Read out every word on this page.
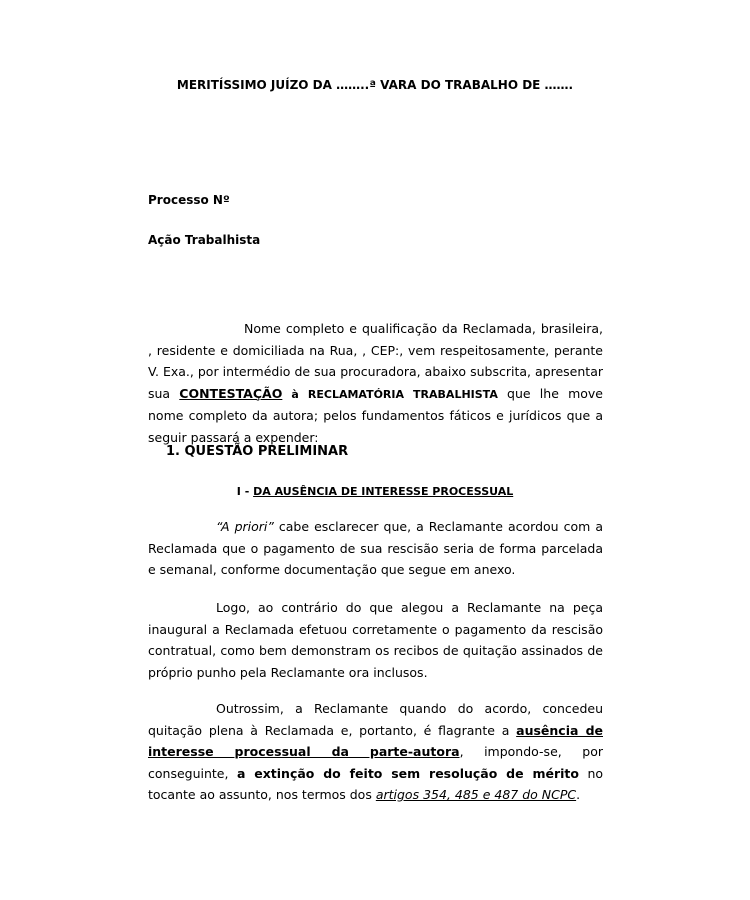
MERITÍSSIMO JUÍZO DA ……..ª VARA DO TRABALHO DE …….
Processo Nº
Ação Trabalhista

Nome completo e qualificação da Reclamada, brasileira, , residente e domiciliada na Rua, , CEP:, vem respeitosamente, perante V. Exa., por intermédio de sua procuradora, abaixo subscrita, apresentar sua CONTESTAÇÃO à RECLAMATÓRIA TRABALHISTA que lhe move nome completo da autora; pelos fundamentos fáticos e jurídicos que a seguir passará a expender:

1. QUESTÃO PRELIMINAR
I - DA AUSÊNCIA DE INTERESSE PROCESSUAL

“A priori” cabe esclarecer que, a Reclamante acordou com a Reclamada que o pagamento de sua rescisão seria de forma parcelada e semanal, conforme documentação que segue em anexo.

Logo, ao contrário do que alegou a Reclamante na peça inaugural a Reclamada efetuou corretamente o pagamento da rescisão contratual, como bem demonstram os recibos de quitação assinados de próprio punho pela Reclamante ora inclusos.

Outrossim, a Reclamante quando do acordo, concedeu quitação plena à Reclamada e, portanto, é flagrante a ausência de interesse processual da parte-autora, impondo-se, por conseguinte, a extinção do feito sem resolução de mérito no tocante ao assunto, nos termos dos artigos 354, 485 e 487 do NCPC.
